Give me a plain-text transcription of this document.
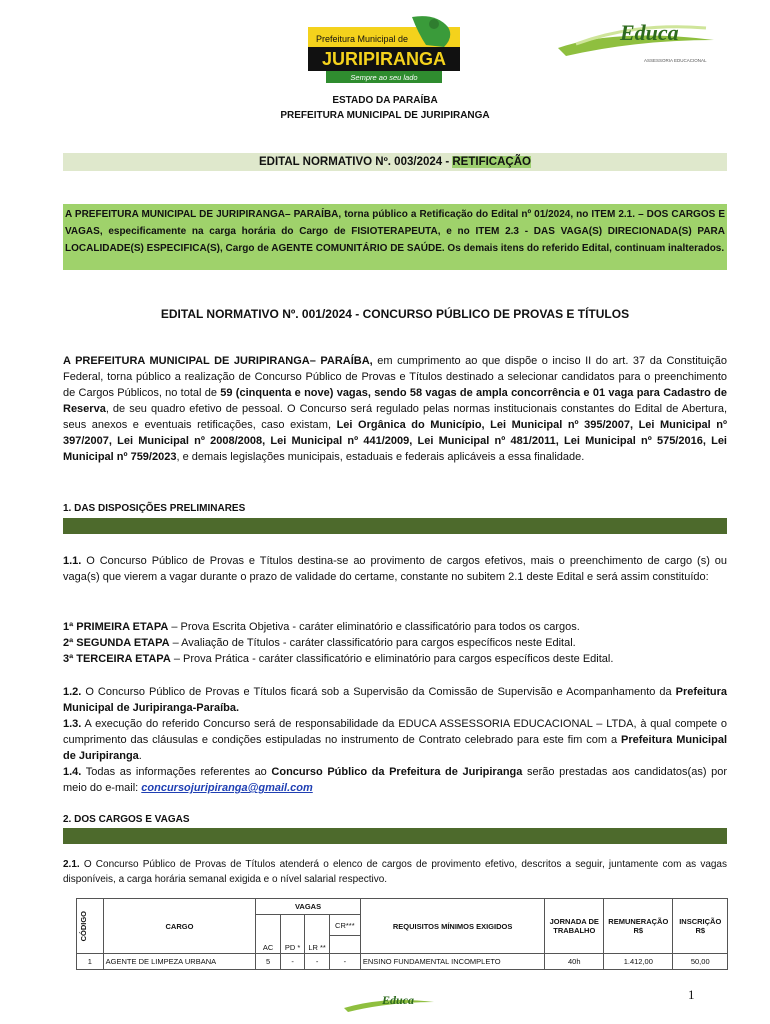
Prefeitura Municipal de
JURIPIRANGA
Sempre ao seu lado
Educa
ASSESSORIA EDUCACIONAL
ESTADO DA PARAÍBA
PREFEITURA MUNICIPAL DE JURIPIRANGA
EDITAL NORMATIVO Nº. 003/2024 - RETIFICAÇÃO

A PREFEITURA MUNICIPAL DE JURIPIRANGA– PARAÍBA, torna público a Retificação do Edital nº 01/2024, no ITEM 2.1. – DOS CARGOS E VAGAS, especificamente na carga horária do Cargo de FISIOTERAPEUTA, e no ITEM 2.3 - DAS VAGA(S) DIRECIONADA(S) PARA LOCALIDADE(S) ESPECIFICA(S), Cargo de AGENTE COMUNITÁRIO DE SAÚDE. Os demais itens do referido Edital, continuam inalterados.

EDITAL NORMATIVO Nº. 001/2024 - CONCURSO PÚBLICO DE PROVAS E TÍTULOS

A PREFEITURA MUNICIPAL DE JURIPIRANGA– PARAÍBA, em cumprimento ao que dispõe o inciso II do art. 37 da Constituição Federal, torna público a realização de Concurso Público de Provas e Títulos destinado a selecionar candidatos para o preenchimento de Cargos Públicos, no total de 59 (cinquenta e nove) vagas, sendo 58 vagas de ampla concorrência e 01 vaga para Cadastro de Reserva, de seu quadro efetivo de pessoal. O Concurso será regulado pelas normas institucionais constantes do Edital de Abertura, seus anexos e eventuais retificações, caso existam, Lei Orgânica do Município, Lei Municipal nº 395/2007, Lei Municipal nº 397/2007, Lei Municipal nº 2008/2008, Lei Municipal nº 441/2009, Lei Municipal nº 481/2011, Lei Municipal nº 575/2016, Lei Municipal nº 759/2023, e demais legislações municipais, estaduais e federais aplicáveis a essa finalidade.

1. DAS DISPOSIÇÕES PRELIMINARES

1.1. O Concurso Público de Provas e Títulos destina-se ao provimento de cargos efetivos, mais o preenchimento de cargo (s) ou vaga(s) que vierem a vagar durante o prazo de validade do certame, constante no subitem 2.1 deste Edital e será assim constituído:

1ª PRIMEIRA ETAPA – Prova Escrita Objetiva - caráter eliminatório e classificatório para todos os cargos.

2ª SEGUNDA ETAPA – Avaliação de Títulos - caráter classificatório para cargos específicos neste Edital.

3ª TERCEIRA ETAPA – Prova Prática - caráter classificatório e eliminatório para cargos específicos deste Edital.

1.2. O Concurso Público de Provas e Títulos ficará sob a Supervisão da Comissão de Supervisão e Acompanhamento da Prefeitura Municipal de Juripiranga-Paraíba.

1.3. A execução do referido Concurso será de responsabilidade da EDUCA ASSESSORIA EDUCACIONAL – LTDA, à qual compete o cumprimento das cláusulas e condições estipuladas no instrumento de Contrato celebrado para este fim com a Prefeitura Municipal de Juripiranga.

1.4. Todas as informações referentes ao Concurso Público da Prefeitura de Juripiranga serão prestadas aos candidatos(as) por meio do e-mail: concursojuripiranga@gmail.com

2. DOS CARGOS E VAGAS

2.1. O Concurso Público de Provas de Títulos atenderá o elenco de cargos de provimento efetivo, descritos a seguir, juntamente com as vagas disponíveis, a carga horária semanal exigida e o nível salarial respectivo.

CÓDIGO	CARGO	VAGAS				REQUISITOS MÍNIMOS EXIGIDOS	JORNADA DE TRABALHO	REMUNERAÇÃO R$	INSCRIÇÃO R$
		AC	PD *	LR **	CR***				

1	AGENTE DE LIMPEZA URBANA	5	-	-	-	ENSINO FUNDAMENTAL INCOMPLETO	40h	1.412,00	50,00
Educa	1
